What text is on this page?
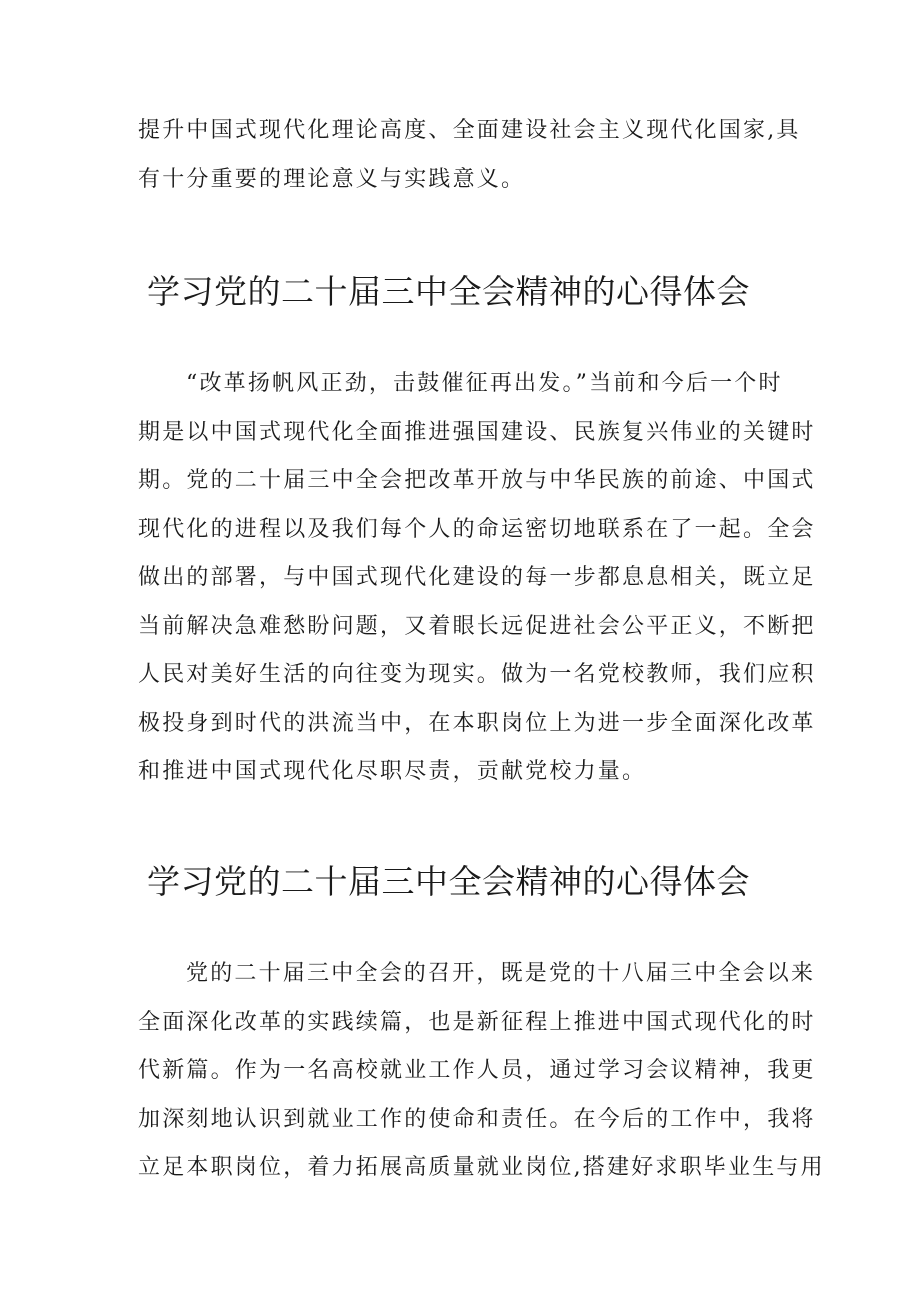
提升中国式现代化理论高度、全面建设社会主义现代化国家,具
有十分重要的理论意义与实践意义。
学习党的二十届三中全会精神的心得体会
“改革扬帆风正劲，击鼓催征再出发。”当前和今后一个时
期是以中国式现代化全面推进强国建设、民族复兴伟业的关键时
期。党的二十届三中全会把改革开放与中华民族的前途、中国式
现代化的进程以及我们每个人的命运密切地联系在了一起。全会
做出的部署，与中国式现代化建设的每一步都息息相关，既立足
当前解决急难愁盼问题，又着眼长远促进社会公平正义，不断把
人民对美好生活的向往变为现实。做为一名党校教师，我们应积
极投身到时代的洪流当中，在本职岗位上为进一步全面深化改革
和推进中国式现代化尽职尽责，贡献党校力量。
学习党的二十届三中全会精神的心得体会
党的二十届三中全会的召开，既是党的十八届三中全会以来
全面深化改革的实践续篇，也是新征程上推进中国式现代化的时
代新篇。作为一名高校就业工作人员，通过学习会议精神，我更
加深刻地认识到就业工作的使命和责任。在今后的工作中，我将
立足本职岗位，着力拓展高质量就业岗位,搭建好求职毕业生与用
